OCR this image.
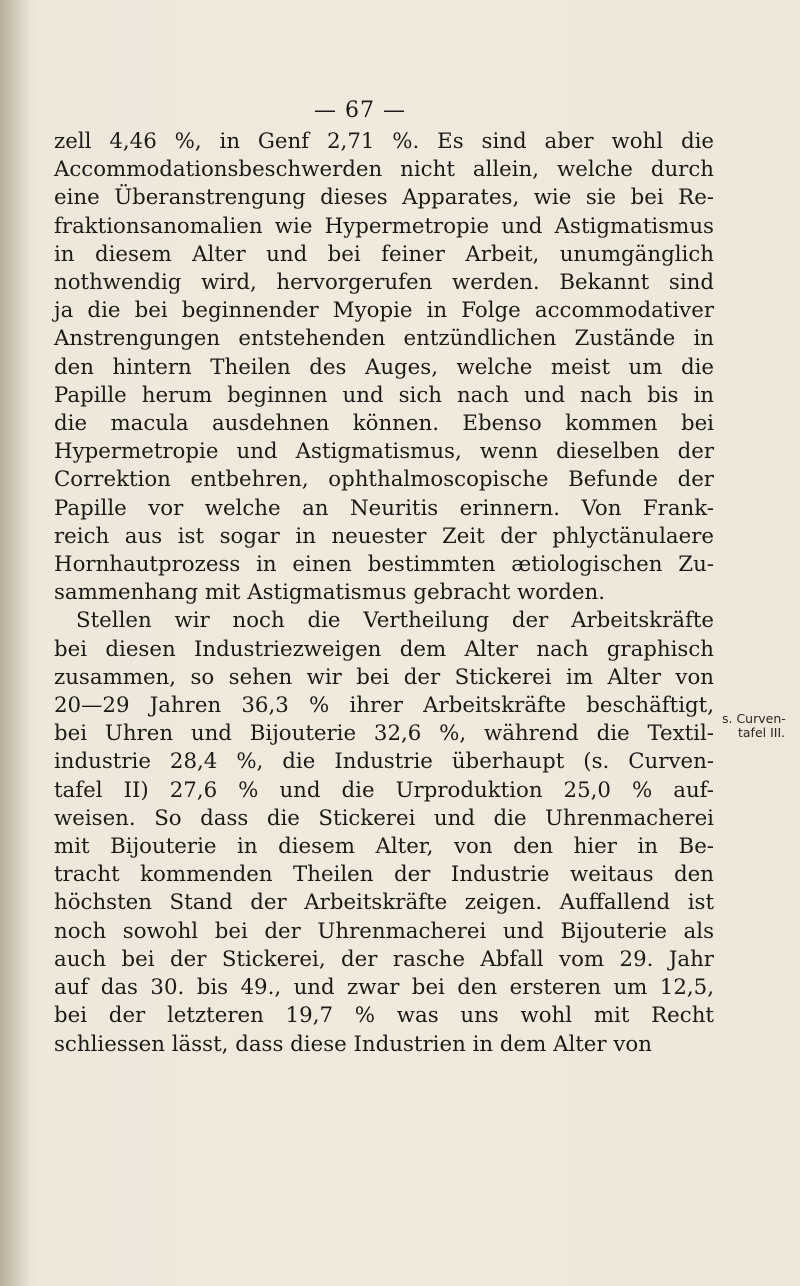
— 67 —
zell 4,46 %, in Genf 2,71 %. Es sind aber wohl die
Accommodationsbeschwerden nicht allein, welche durch
eine Überanstrengung dieses Apparates, wie sie bei Re-
fraktionsanomalien wie Hypermetropie und Astigmatismus
in diesem Alter und bei feiner Arbeit, unumgänglich
nothwendig wird, hervorgerufen werden. Bekannt sind
ja die bei beginnender Myopie in Folge accommodativer
Anstrengungen entstehenden entzündlichen Zustände in
den hintern Theilen des Auges, welche meist um die
Papille herum beginnen und sich nach und nach bis in
die macula ausdehnen können. Ebenso kommen bei
Hypermetropie und Astigmatismus, wenn dieselben der
Correktion entbehren, ophthalmoscopische Befunde der
Papille vor welche an Neuritis erinnern. Von Frank-
reich aus ist sogar in neuester Zeit der phlyctänulaere
Hornhautprozess in einen bestimmten ætiologischen Zu-
sammenhang mit Astigmatismus gebracht worden.
Stellen wir noch die Vertheilung der Arbeitskräfte
bei diesen Industriezweigen dem Alter nach graphisch
zusammen, so sehen wir bei der Stickerei im Alter von
20—29 Jahren 36,3 % ihrer Arbeitskräfte beschäftigt,
bei Uhren und Bijouterie 32,6 %, während die Textil-
industrie 28,4 %, die Industrie überhaupt (s. Curven-
tafel II) 27,6 % und die Urproduktion 25,0 % auf-
weisen. So dass die Stickerei und die Uhrenmacherei
mit Bijouterie in diesem Alter, von den hier in Be-
tracht kommenden Theilen der Industrie weitaus den
höchsten Stand der Arbeitskräfte zeigen. Auffallend ist
noch sowohl bei der Uhrenmacherei und Bijouterie als
auch bei der Stickerei, der rasche Abfall vom 29. Jahr
auf das 30. bis 49., und zwar bei den ersteren um 12,5,
bei der letzteren 19,7 % was uns wohl mit Recht
schliessen lässt, dass diese Industrien in dem Alter von
s. Curven-
tafel III.
